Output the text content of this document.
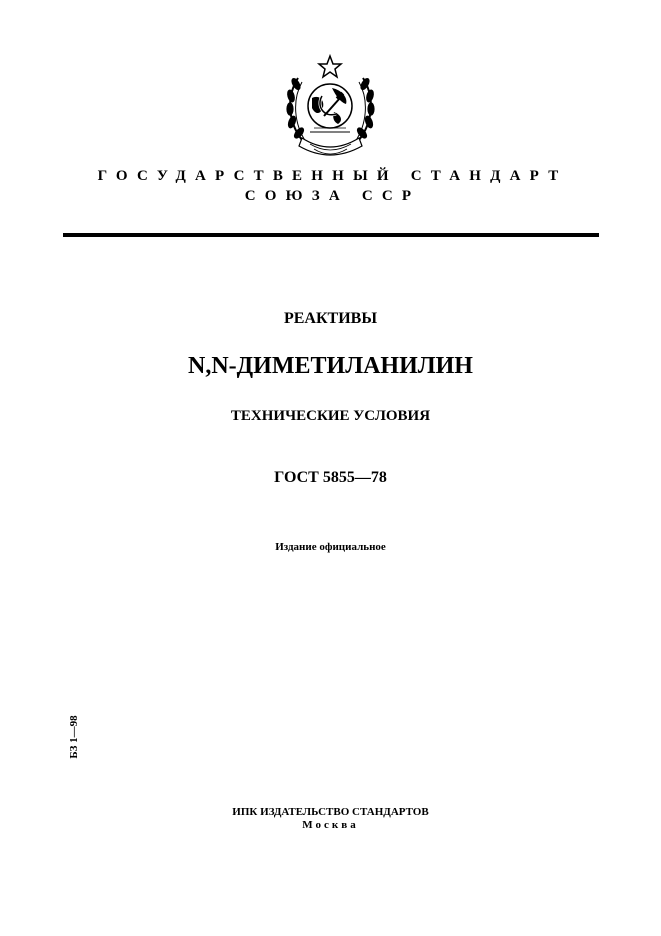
ГОСУДАРСТВЕННЫЙ СТАНДАРТ
СОЮЗА ССР
РЕАКТИВЫ
N,N-ДИМЕТИЛАНИЛИН
ТЕХНИЧЕСКИЕ УСЛОВИЯ
ГОСТ 5855—78
Издание официальное
БЗ 1—98
ИПК ИЗДАТЕЛЬСТВО СТАНДАРТОВ
Москва
